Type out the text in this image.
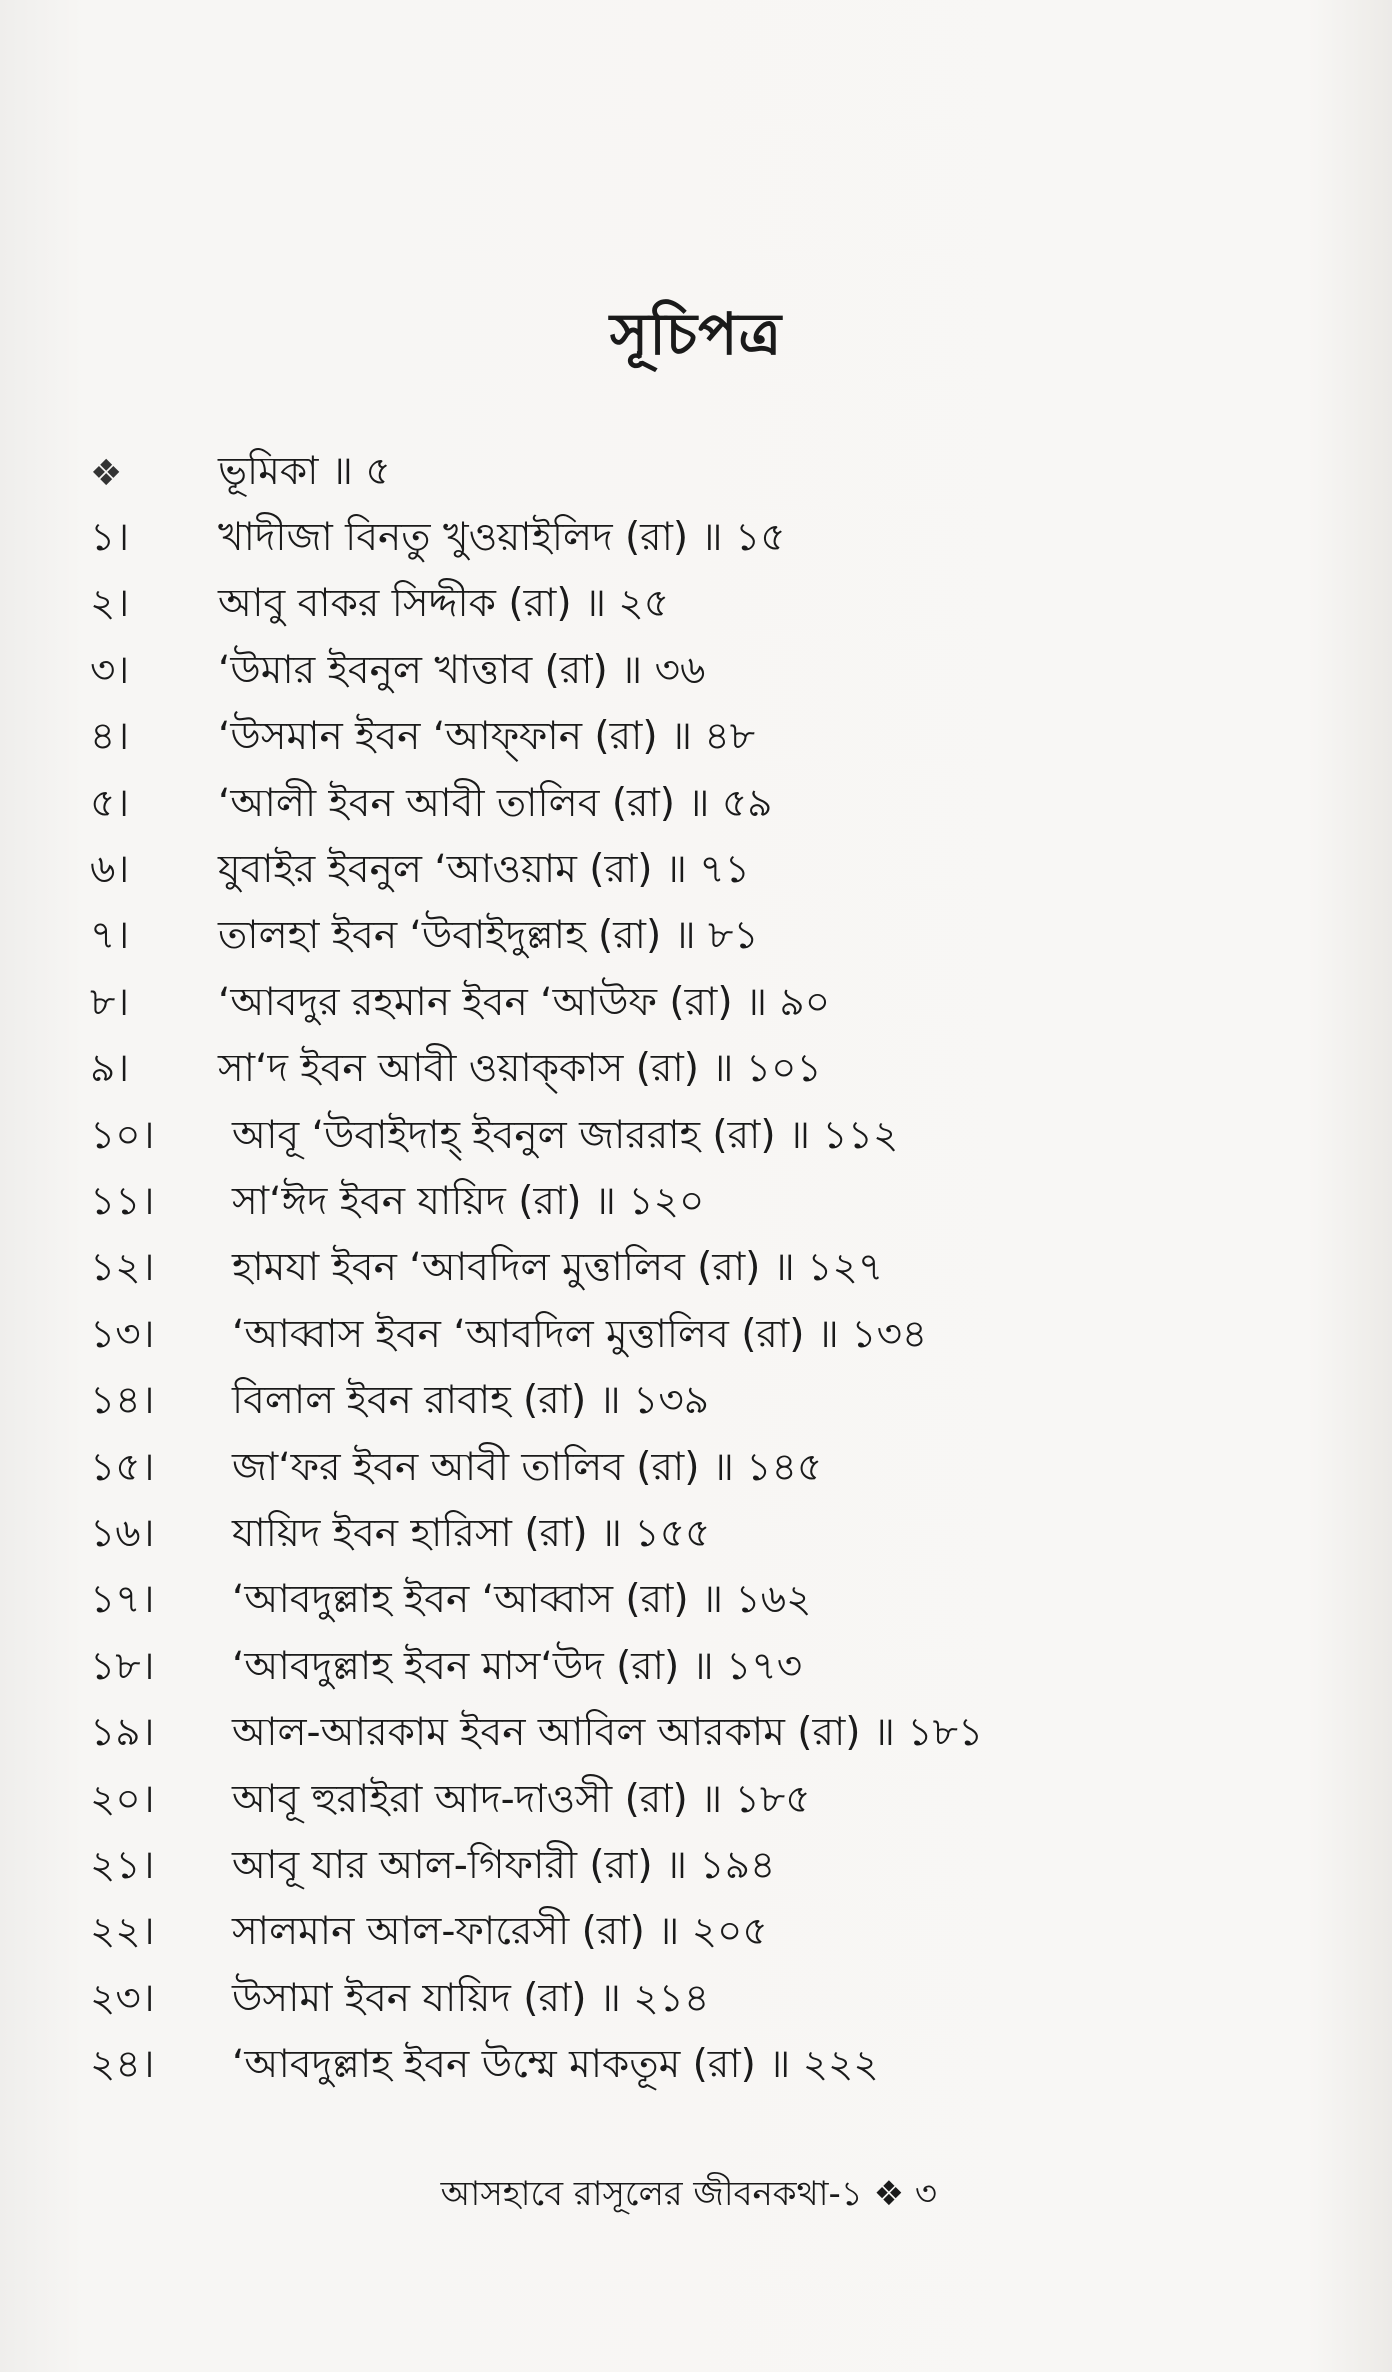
সূচিপত্র
❖	ভূমিকা ॥ ৫
১।	খাদীজা বিনতু খুওয়াইলিদ (রা) ॥ ১৫
২।	আবু বাকর সিদ্দীক (রা) ॥ ২৫
৩।	‘উমার ইবনুল খাত্তাব (রা) ॥ ৩৬
৪।	‘উসমান ইবন ‘আফ্‌ফান (রা) ॥ ৪৮
৫।	‘আলী ইবন আবী তালিব (রা) ॥ ৫৯
৬।	যুবাইর ইবনুল ‘আওয়াম (রা) ॥ ৭১
৭।	তালহা ইবন ‘উবাইদুল্লাহ (রা) ॥ ৮১
৮।	‘আবদুর রহমান ইবন ‘আউফ (রা) ॥ ৯০
৯।	সা‘দ ইবন আবী ওয়াক্‌কাস (রা) ॥ ১০১
১০।	আবূ ‘উবাইদাহ্‌ ইবনুল জাররাহ (রা) ॥ ১১২
১১।	সা‘ঈদ ইবন যায়িদ (রা) ॥ ১২০
১২।	হামযা ইবন ‘আবদিল মুত্তালিব (রা) ॥ ১২৭
১৩।	‘আব্বাস ইবন ‘আবদিল মুত্তালিব (রা) ॥ ১৩৪
১৪।	বিলাল ইবন রাবাহ (রা) ॥ ১৩৯
১৫।	জা‘ফর ইবন আবী তালিব (রা) ॥ ১৪৫
১৬।	যায়িদ ইবন হারিসা (রা) ॥ ১৫৫
১৭।	‘আবদুল্লাহ ইবন ‘আব্বাস (রা) ॥ ১৬২
১৮।	‘আবদুল্লাহ ইবন মাস‘উদ (রা) ॥ ১৭৩
১৯।	আল-আরকাম ইবন আবিল আরকাম (রা) ॥ ১৮১
২০।	আবূ হুরাইরা আদ-দাওসী (রা) ॥ ১৮৫
২১।	আবূ যার আল-গিফারী (রা) ॥ ১৯৪
২২।	সালমান আল-ফারেসী (রা) ॥ ২০৫
২৩।	উসামা ইবন যায়িদ (রা) ॥ ২১৪
২৪।	‘আবদুল্লাহ ইবন উম্মে মাকতূম (রা) ॥ ২২২
আসহাবে রাসূলের জীবনকথা-১ ❖ ৩
